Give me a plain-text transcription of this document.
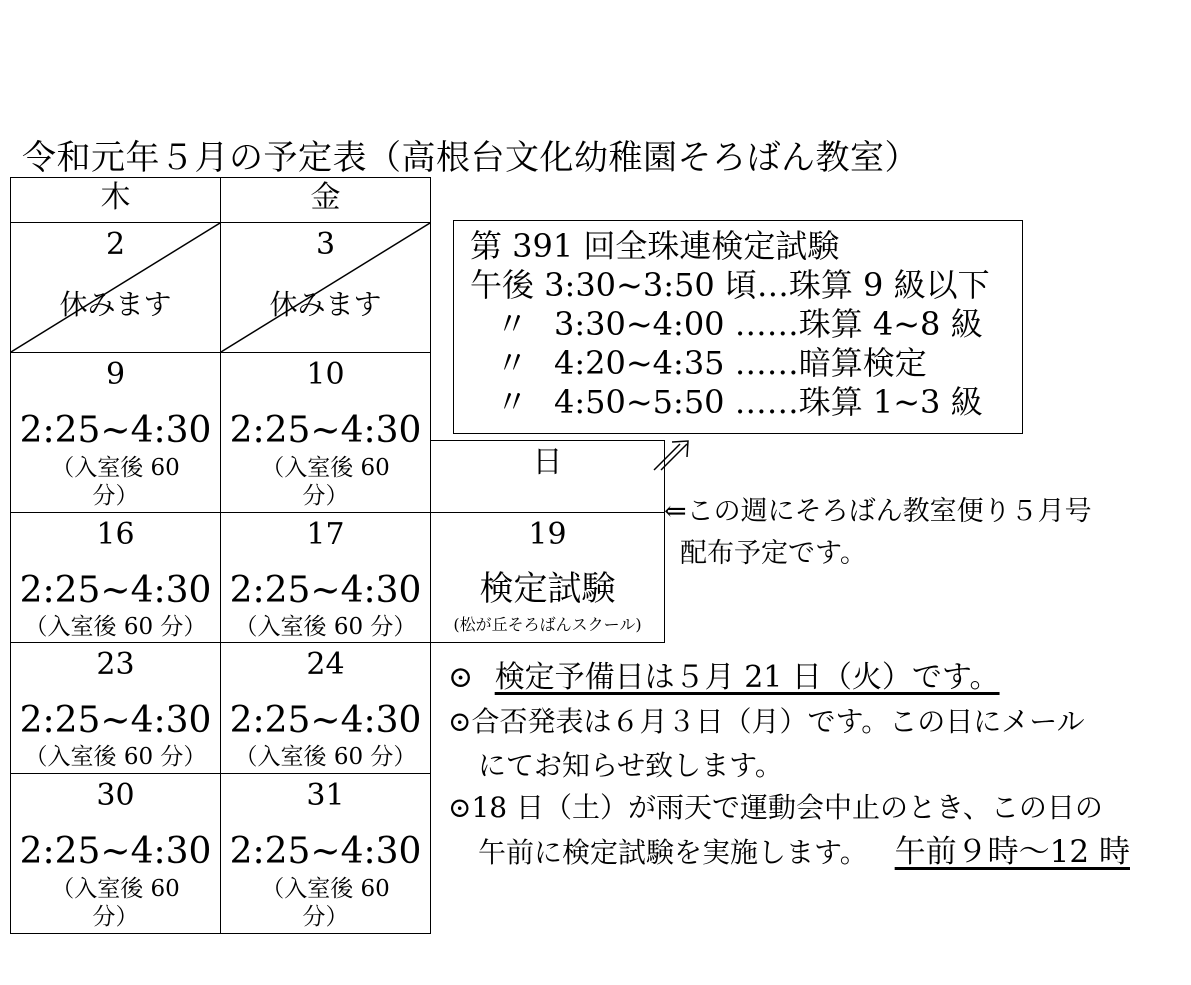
令和元年５月の予定表（高根台文化幼稚園そろばん教室）
木	金
2
休みます
3
休みます
9
2:25~4:30
（入室後 60
分）
10
2:25~4:30
（入室後 60
分）
日
16
2:25~4:30
（入室後 60 分）
17
2:25~4:30
（入室後 60 分）
19
検定試験
(松が丘そろばんスクール)
23
2:25~4:30
（入室後 60 分）
24
2:25~4:30
（入室後 60 分）
30
2:25~4:30
（入室後 60
分）
31
2:25~4:30
（入室後 60
分）
第 391 回全珠連検定試験
午後 3:30~3:50 頃…珠算 9 級以下
〃 3:30~4:00 ……珠算 4~8 級
〃 4:20~4:35 ……暗算検定
〃 4:50~5:50 ……珠算 1~3 級
⇐この週にそろばん教室便り５月号
配布予定です。
⊙ 検定予備日は５月 21 日（火）です。
⊙合否発表は６月３日（月）です。この日にメール
にてお知らせ致します。
⊙18 日（土）が雨天で運動会中止のとき、この日の
午前に検定試験を実施します。 午前９時～12 時
